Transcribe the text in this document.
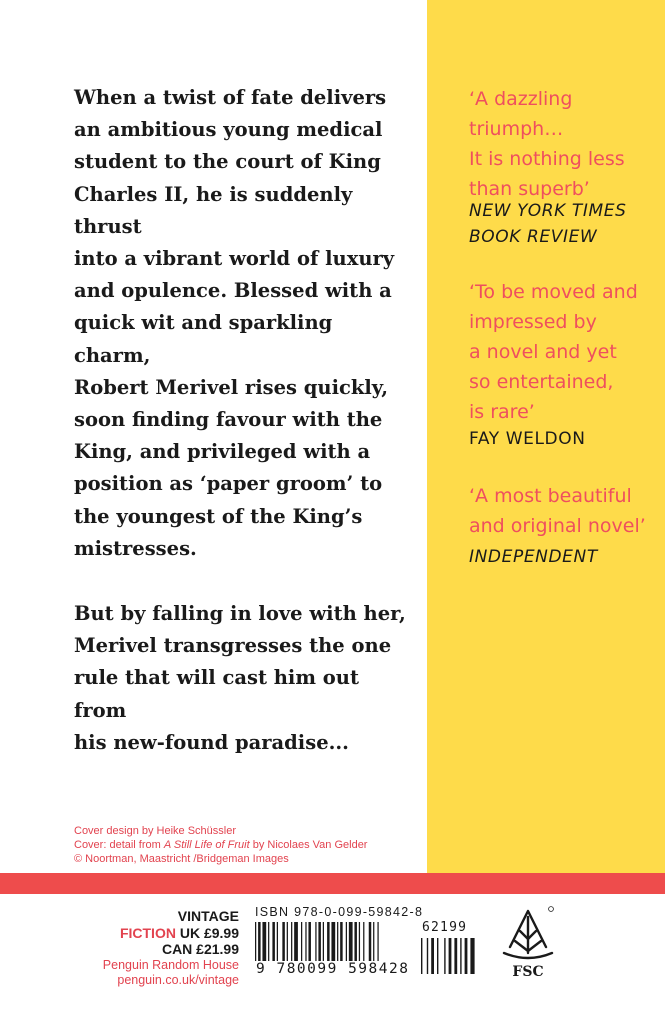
When a twist of fate delivers
an ambitious young medical
student to the court of King
Charles II, he is suddenly thrust
into a vibrant world of luxury
and opulence. Blessed with a
quick wit and sparkling charm,
Robert Merivel rises quickly,
soon finding favour with the
King, and privileged with a
position as ‘paper groom’ to
the youngest of the King’s
mistresses.

But by falling in love with her,
Merivel transgresses the one
rule that will cast him out from
his new-found paradise...

‘A dazzling
triumph…
It is nothing less
than superb’
NEW YORK TIMES
BOOK REVIEW
‘To be moved and
impressed by
a novel and yet
so entertained,
is rare’
FAY WELDON
‘A most beautiful
and original novel’
INDEPENDENT
Cover design by Heike Schüssler
Cover: detail from A Still Life of Fruit by Nicolaes Van Gelder
© Noortman, Maastricht /Bridgeman Images
VINTAGE
FICTION UK £9.99
CAN £21.99
Penguin Random House
penguin.co.uk/vintage
ISBN 978-0-099-59842-8
9 780099 598428
62199
FSC
